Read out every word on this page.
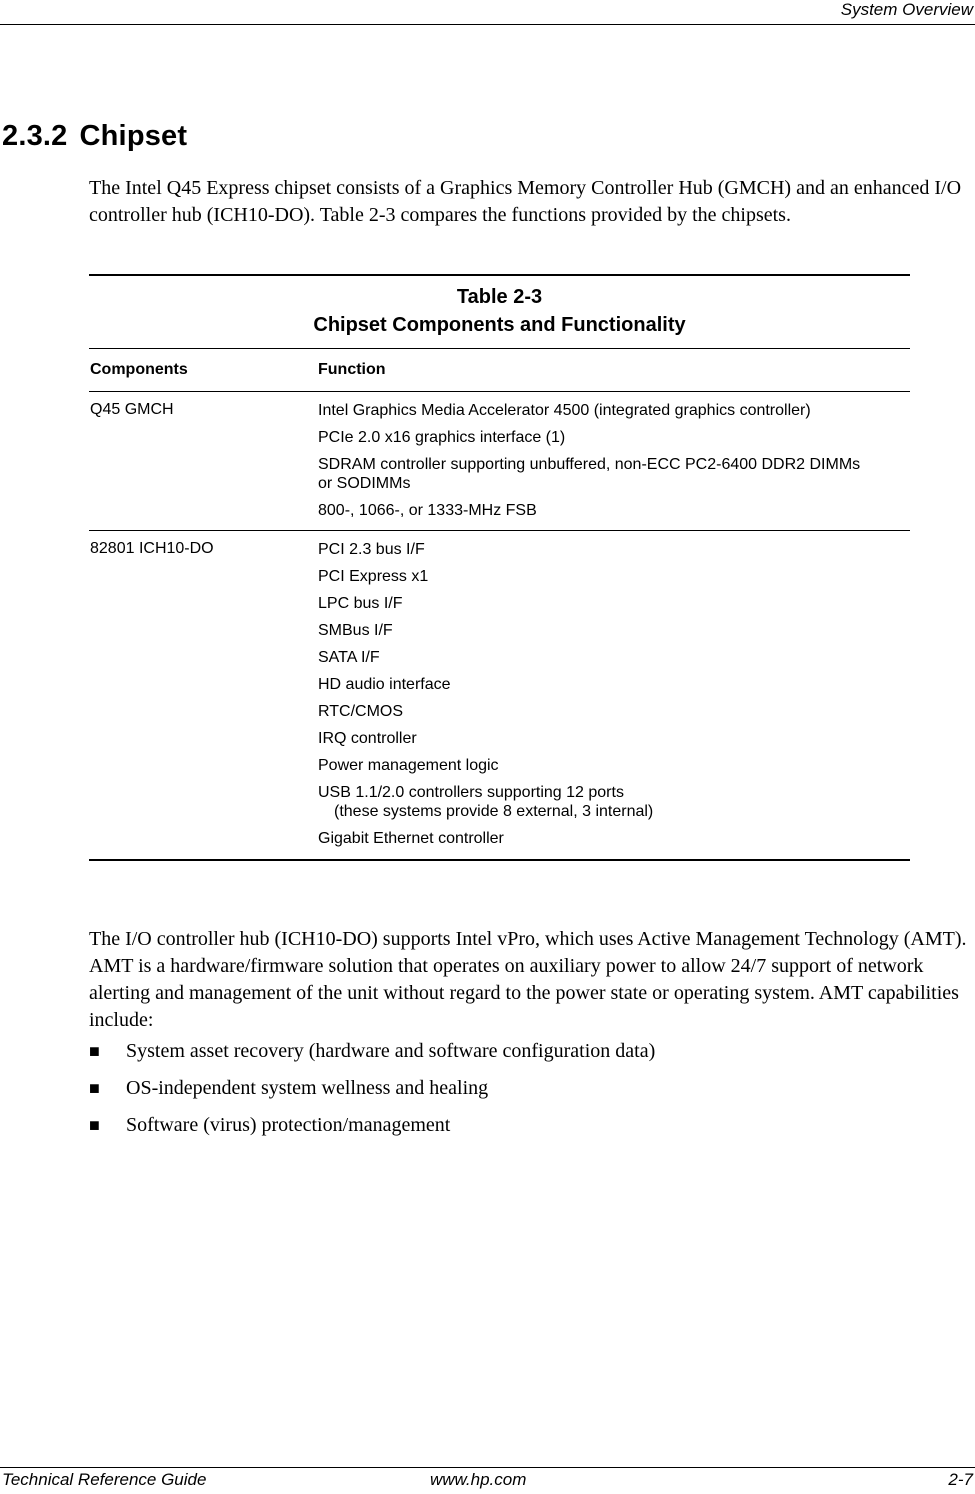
System Overview
2.3.2 Chipset

The Intel Q45 Express chipset consists of a Graphics Memory Controller Hub (GMCH) and an enhanced I/O controller hub (ICH10-DO). Table 2-3 compares the functions provided by the chipsets.

Table 2-3
Chipset Components and Functionality
Components	Function
Q45 GMCH	Intel Graphics Media Accelerator 4500 (integrated graphics controller)
PCIe 2.0 x16 graphics interface (1)
SDRAM controller supporting unbuffered, non-ECC PC2-6400 DDR2 DIMMs or SODIMMs
800-, 1066-, or 1333-MHz FSB
82801 ICH10-DO	PCI 2.3 bus I/F
PCI Express x1
LPC bus I/F
SMBus I/F
SATA I/F
HD audio interface
RTC/CMOS
IRQ controller
Power management logic
USB 1.1/2.0 controllers supporting 12 ports
(these systems provide 8 external, 3 internal)
Gigabit Ethernet controller

The I/O controller hub (ICH10-DO) supports Intel vPro, which uses Active Management Technology (AMT). AMT is a hardware/firmware solution that operates on auxiliary power to allow 24/7 support of network alerting and management of the unit without regard to the power state or operating system. AMT capabilities include:

■	System asset recovery (hardware and software configuration data)
■	OS-independent system wellness and healing
■	Software (virus) protection/management
Technical Reference Guide	www.hp.com	2-7
